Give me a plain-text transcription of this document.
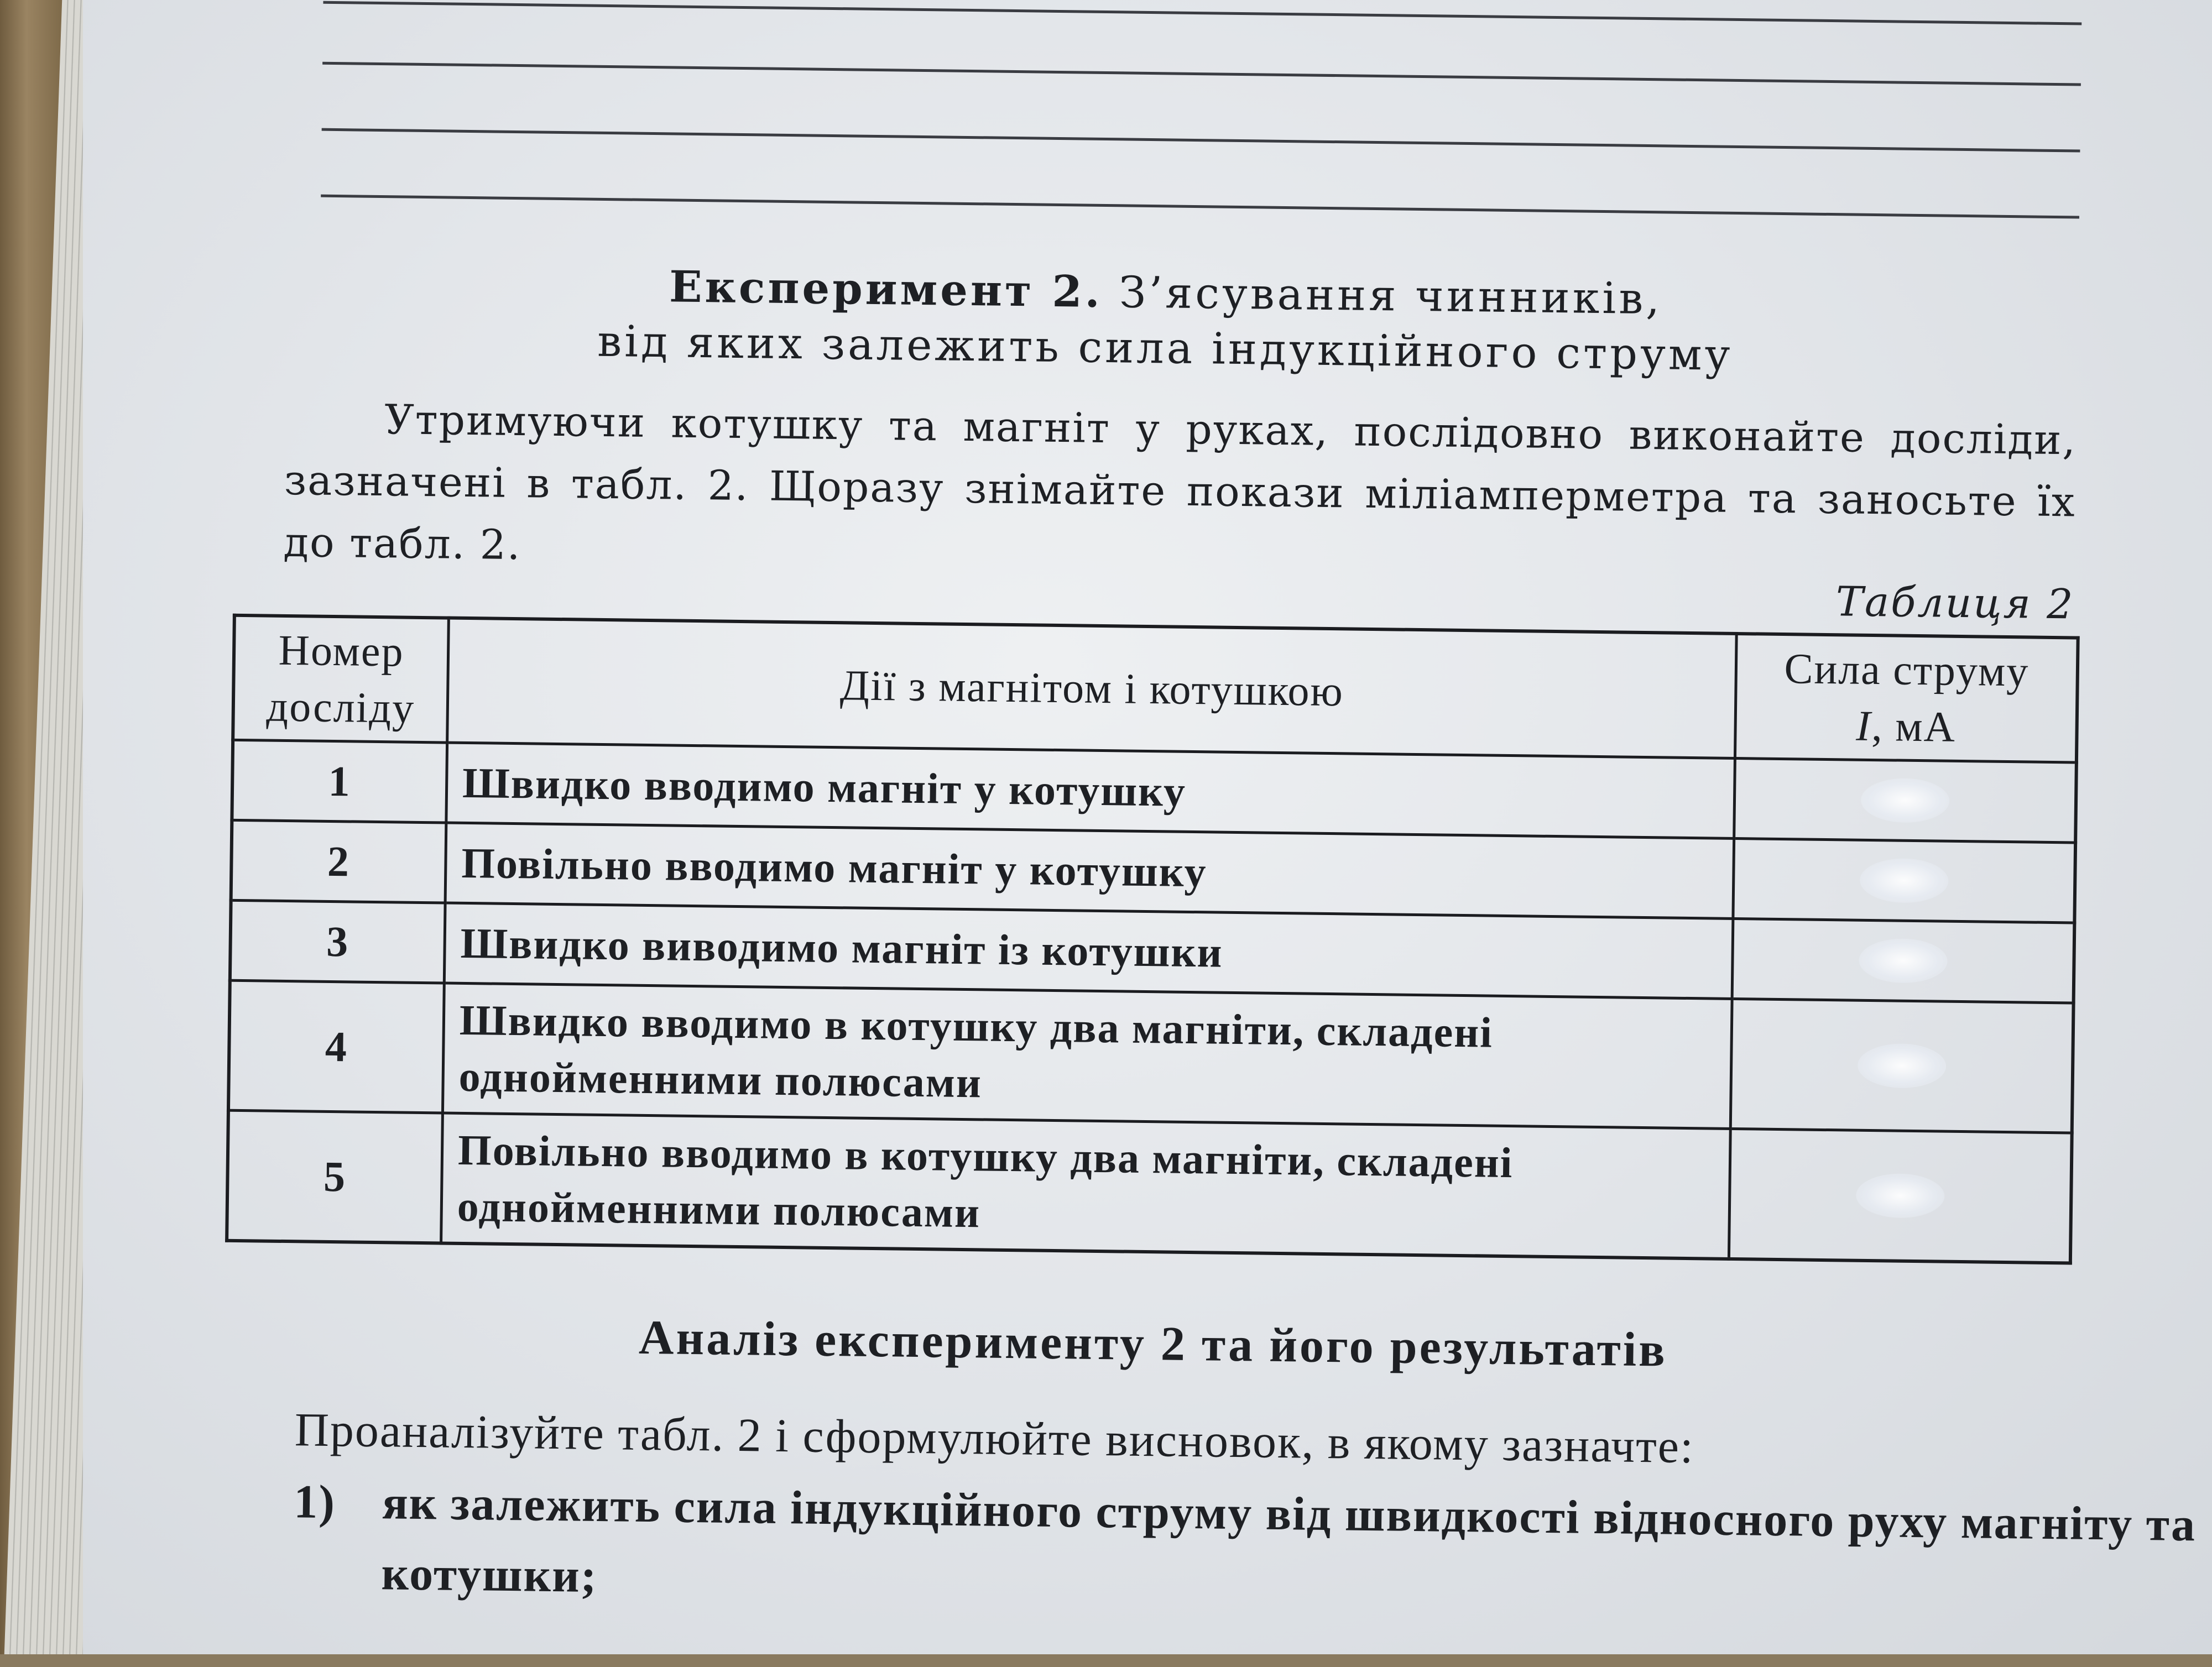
Експеримент 2. З’ясування чинників,
від яких залежить сила індукційного струму
Утримуючи котушку та магніт у руках, послідовно виконайте досліди, зазначені в табл. 2. Щоразу знімайте покази міліамперметра та заносьте їх до табл. 2.
Таблиця 2
Номер досліду	Дії з магнітом і котушкою	Сила струму
I, мА
1	Швидко вводимо магніт у котушку	

2	Повільно вводимо магніт у котушку	

3	Швидко виводимо магніт із котушки	

4	Швидко вводимо в котушку два магніти, складені однойменними полюсами	

5	Повільно вводимо в котушку два магніти, складені однойменними полюсами	
Аналіз експерименту 2 та його результатів
Проаналізуйте табл. 2 і сформулюйте висновок, в якому зазначте:
1) як залежить сила індукційного струму від швидкості відносного руху магніту та котушки;
